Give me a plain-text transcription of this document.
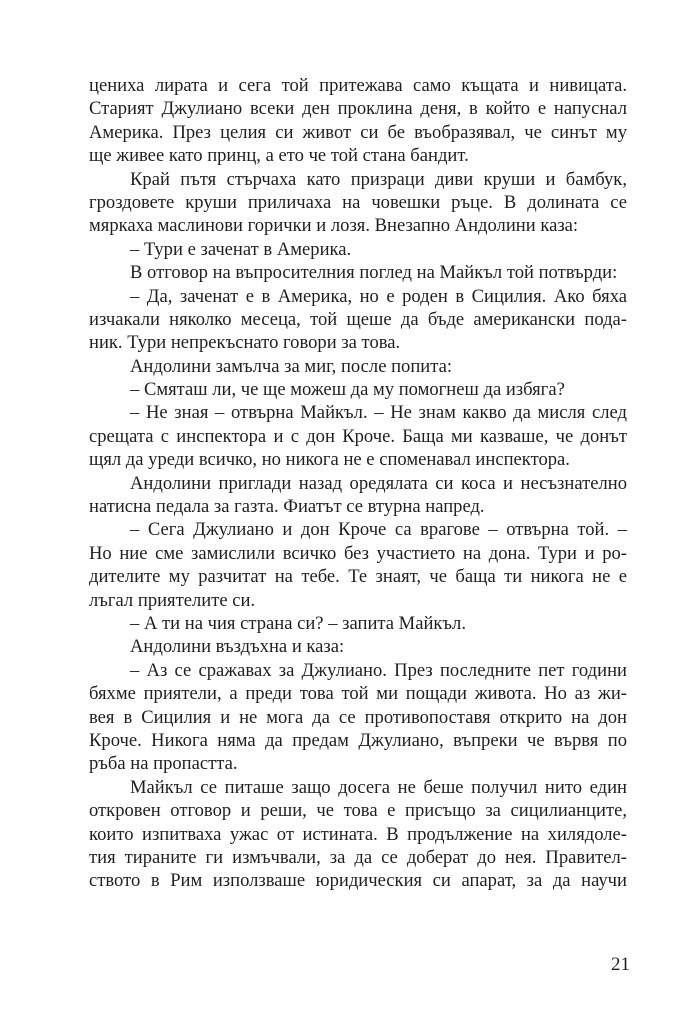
цениха лирата и сега той притежава само къщата и нивицата.
Старият Джулиано всеки ден проклина деня, в който е напуснал
Америка. През целия си живот си бе въобразявал, че синът му
ще живее като принц, а ето че той стана бандит.
Край пътя стърчаха като призраци диви круши и бамбук,
гроздовете круши приличаха на човешки ръце. В долината се
мяркаха маслинови горички и лозя. Внезапно Андолини каза:
– Тури е заченат в Америка.
В отговор на въпросителния поглед на Майкъл той потвърди:
– Да, заченат е в Америка, но е роден в Сицилия. Ако бяха
изчакали няколко месеца, той щеше да бъде американски пода-
ник. Тури непрекъснато говори за това.
Андолини замълча за миг, после попита:
– Смяташ ли, че ще можеш да му помогнеш да избяга?
– Не зная – отвърна Майкъл. – Не знам какво да мисля след
срещата с инспектора и с дон Кроче. Баща ми казваше, че донът
щял да уреди всичко, но никога не е споменавал инспектора.
Андолини приглади назад оредялата си коса и несъзнателно
натисна педала за газта. Фиатът се втурна напред.
– Сега Джулиано и дон Кроче са врагове – отвърна той. –
Но ние сме замислили всичко без участието на дона. Тури и ро-
дителите му разчитат на тебе. Те знаят, че баща ти никога не е
лъгал приятелите си.
– А ти на чия страна си? – запита Майкъл.
Андолини въздъхна и каза:
– Аз се сражавах за Джулиано. През последните пет години
бяхме приятели, а преди това той ми пощади живота. Но аз жи-
вея в Сицилия и не мога да се противопоставя открито на дон
Кроче. Никога няма да предам Джулиано, въпреки че вървя по
ръба на пропастта.
Майкъл се питаше защо досега не беше получил нито един
откровен отговор и реши, че това е присъщо за сицилианците,
които изпитваха ужас от истината. В продължение на хилядоле-
тия тираните ги измъчвали, за да се доберат до нея. Правител-
ството в Рим използваше юридическия си апарат, за да научи
21
